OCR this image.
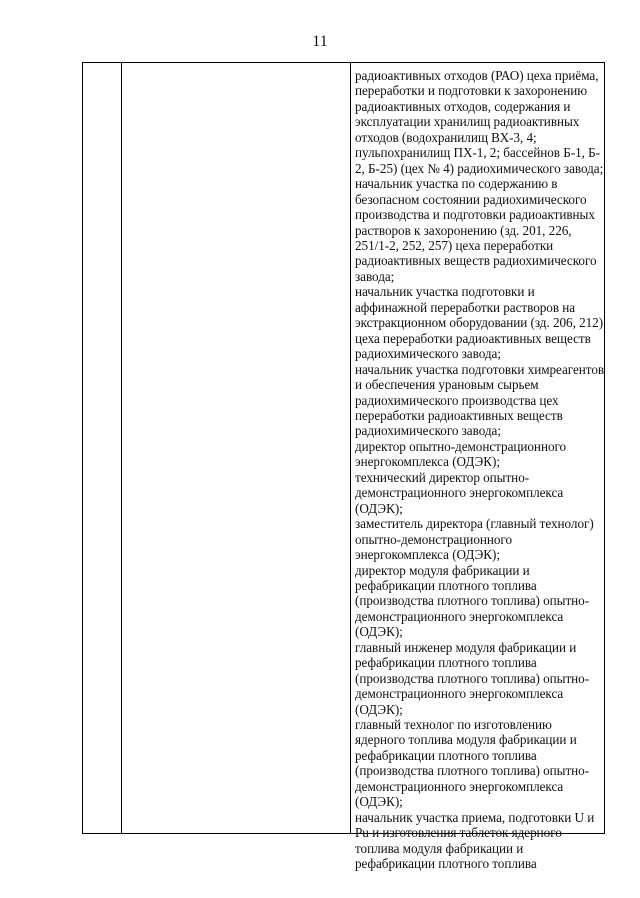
11
радиоактивных отходов (РАО) цеха приёма,
переработки и подготовки к захоронению
радиоактивных отходов, содержания и
эксплуатации хранилищ радиоактивных
отходов (водохранилищ ВХ-3, 4;
пульпохранилищ ПХ-1, 2; бассейнов Б-1, Б-
2, Б-25) (цех № 4) радиохимического завода;
начальник участка по содержанию в
безопасном состоянии радиохимического
производства и подготовки радиоактивных
растворов к захоронению (зд. 201, 226,
251/1-2, 252, 257) цеха переработки
радиоактивных веществ радиохимического
завода;
начальник участка подготовки и
аффинажной переработки растворов на
экстракционном оборудовании (зд. 206, 212)
цеха переработки радиоактивных веществ
радиохимического завода;
начальник участка подготовки химреагентов
и обеспечения урановым сырьем
радиохимического производства цех
переработки радиоактивных веществ
радиохимического завода;
директор опытно-демонстрационного
энергокомплекса (ОДЭК);
технический директор опытно-
демонстрационного энергокомплекса
(ОДЭК);
заместитель директора (главный технолог)
опытно-демонстрационного
энергокомплекса (ОДЭК);
директор модуля фабрикации и
рефабрикации плотного топлива
(производства плотного топлива) опытно-
демонстрационного энергокомплекса
(ОДЭК);
главный инженер модуля фабрикации и
рефабрикации плотного топлива
(производства плотного топлива) опытно-
демонстрационного энергокомплекса
(ОДЭК);
главный технолог по изготовлению
ядерного топлива модуля фабрикации и
рефабрикации плотного топлива
(производства плотного топлива) опытно-
демонстрационного энергокомплекса
(ОДЭК);
начальник участка приема, подготовки U и
Pu и изготовления таблеток ядерного
топлива модуля фабрикации и
рефабрикации плотного топлива
